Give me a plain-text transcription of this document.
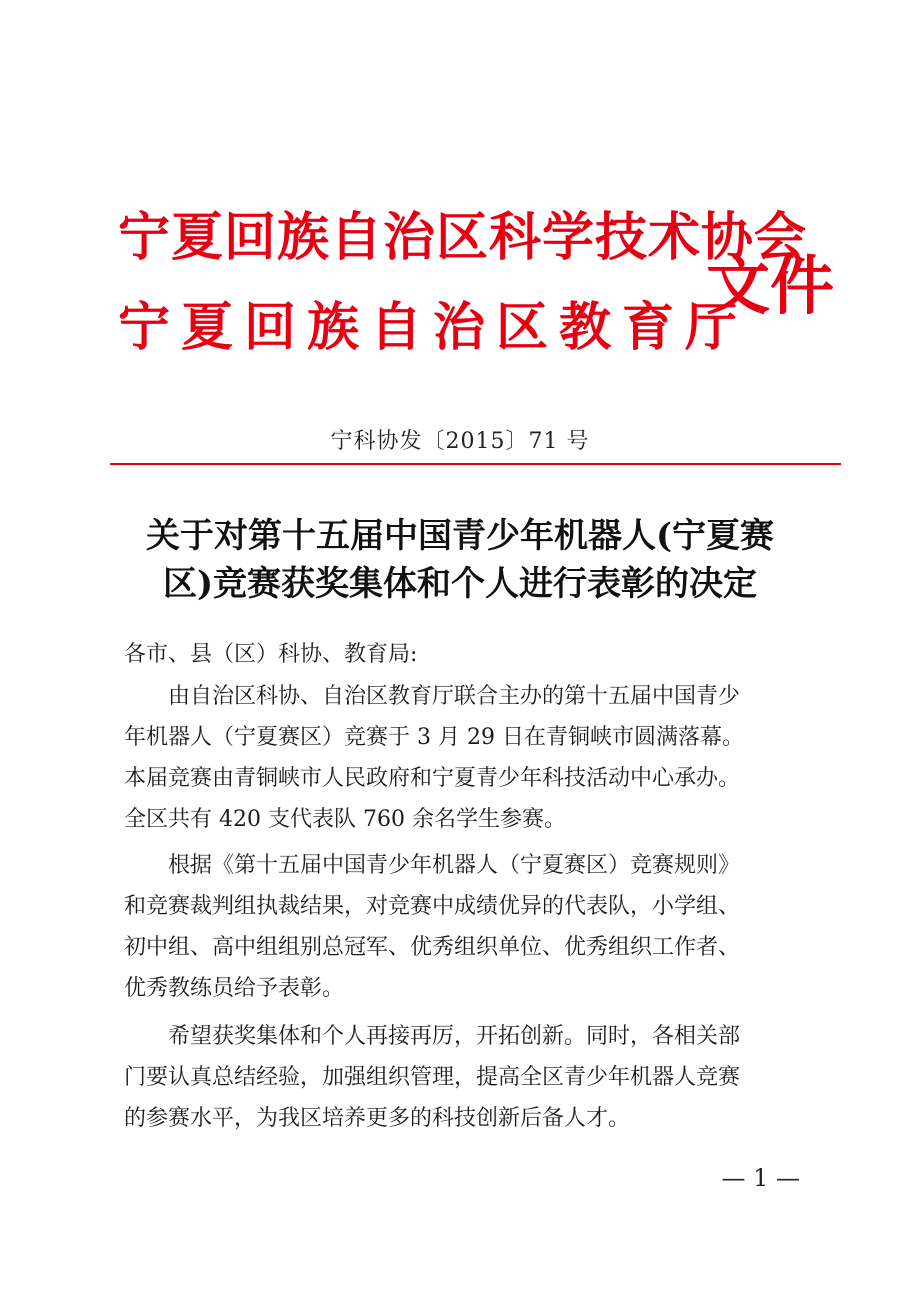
宁夏回族自治区科学技术协会
宁夏回族自治区教育厅
文件
宁科协发〔2015〕71 号
关于对第十五届中国青少年机器人(宁夏赛
区)竞赛获奖集体和个人进行表彰的决定
各市、县（区）科协、教育局:
由自治区科协、自治区教育厅联合主办的第十五届中国青少
年机器人（宁夏赛区）竞赛于 3 月 29 日在青铜峡市圆满落幕。
本届竞赛由青铜峡市人民政府和宁夏青少年科技活动中心承办。
全区共有 420 支代表队 760 余名学生参赛。
根据《第十五届中国青少年机器人（宁夏赛区）竞赛规则》
和竞赛裁判组执裁结果，对竞赛中成绩优异的代表队，小学组、
初中组、高中组组别总冠军、优秀组织单位、优秀组织工作者、
优秀教练员给予表彰。
希望获奖集体和个人再接再厉，开拓创新。同时，各相关部
门要认真总结经验，加强组织管理，提高全区青少年机器人竞赛
的参赛水平，为我区培养更多的科技创新后备人才。
— 1 —
